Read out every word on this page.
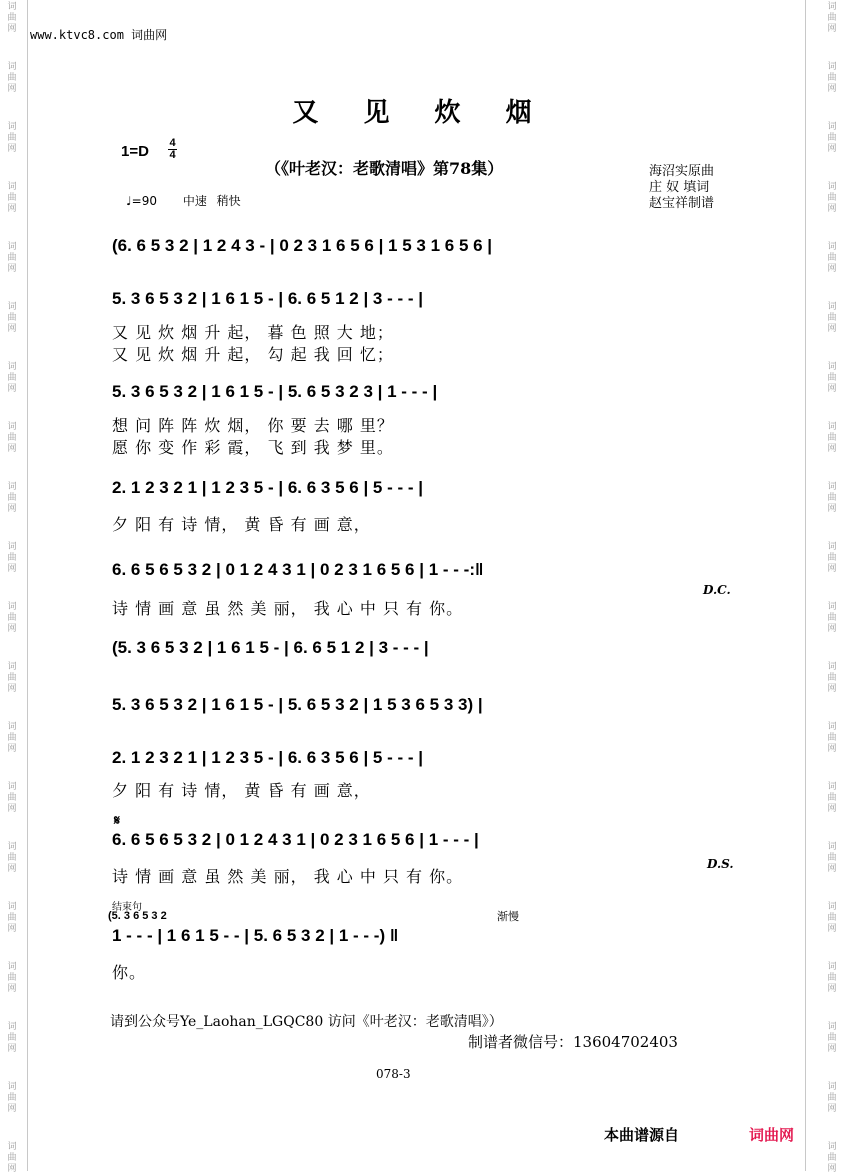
词
曲
网
词
曲
网
词
曲
网
词
曲
网
词
曲
网
词
曲
网
词
曲
网
词
曲
网
词
曲
网
词
曲
网
词
曲
网
词
曲
网
词
曲
网
词
曲
网
词
曲
网
词
曲
网
词
曲
网
词
曲
网
词
曲
网
词
曲
网
词
曲
网
词
曲
网
词
曲
网
词
曲
网
词
曲
网
词
曲
网
词
曲
网
词
曲
网
词
曲
网
词
曲
网
词
曲
网
词
曲
网
词
曲
网
词
曲
网
词
曲
网
词
曲
网
词
曲
网
词
曲
网
词
曲
网
词
曲
网
www.ktvc8.com 词曲网
又 见 炊 烟
1=D 4
4
（《叶老汉：老歌清唱》第78集）
♩=90 中速 稍快
海沼实原曲
庄 奴 填词
赵宝祥制谱
(6. 6 5 3 2 | 1 2 4 3 - | 0 2 3 1 6 5 6 | 1 5 3 1 6 5 6 |
5. 3 6 5 3 2 | 1 6 1 5 - | 6. 6 5 1 2 | 3 - - - |
又 见 炊 烟 升 起， 暮 色 照 大 地；
又 见 炊 烟 升 起， 勾 起 我 回 忆；
5. 3 6 5 3 2 | 1 6 1 5 - | 5. 6 5 3 2 3 | 1 - - - |
想 问 阵 阵 炊 烟， 你 要 去 哪 里？
愿 你 变 作 彩 霞， 飞 到 我 梦 里。
2. 1 2 3 2 1 | 1 2 3 5 - | 6. 6 3 5 6 | 5 - - - |
夕 阳 有 诗 情， 黄 昏 有 画 意，
6. 6 5 6 5 3 2 | 0 1 2 4 3 1 | 0 2 3 1 6 5 6 | 1 - - -:‖
诗 情 画 意 虽 然 美 丽， 我 心 中 只 有 你。
(5. 3 6 5 3 2 | 1 6 1 5 - | 6. 6 5 1 2 | 3 - - - |
5. 3 6 5 3 2 | 1 6 1 5 - | 5. 6 5 3 2 | 1 5 3 6 5 3 3) |
2. 1 2 3 2 1 | 1 2 3 5 - | 6. 6 3 5 6 | 5 - - - |
夕 阳 有 诗 情， 黄 昏 有 画 意，
6. 6 5 6 5 3 2 | 0 1 2 4 3 1 | 0 2 3 1 6 5 6 | 1 - - - |
诗 情 画 意 虽 然 美 丽， 我 心 中 只 有 你。
1 - - - | 1 6 1 5 - - | 5. 6 5 3 2 | 1 - - -) ‖
你。
D.C.
D.S.
𝄋
结束句
(5. 3 6 5 3 2	渐慢
请到公众号Ye_Laohan_LGQC80 访问《叶老汉：老歌清唱》）
制谱者微信号：13604702403
078-3
本曲谱源自	词曲网
